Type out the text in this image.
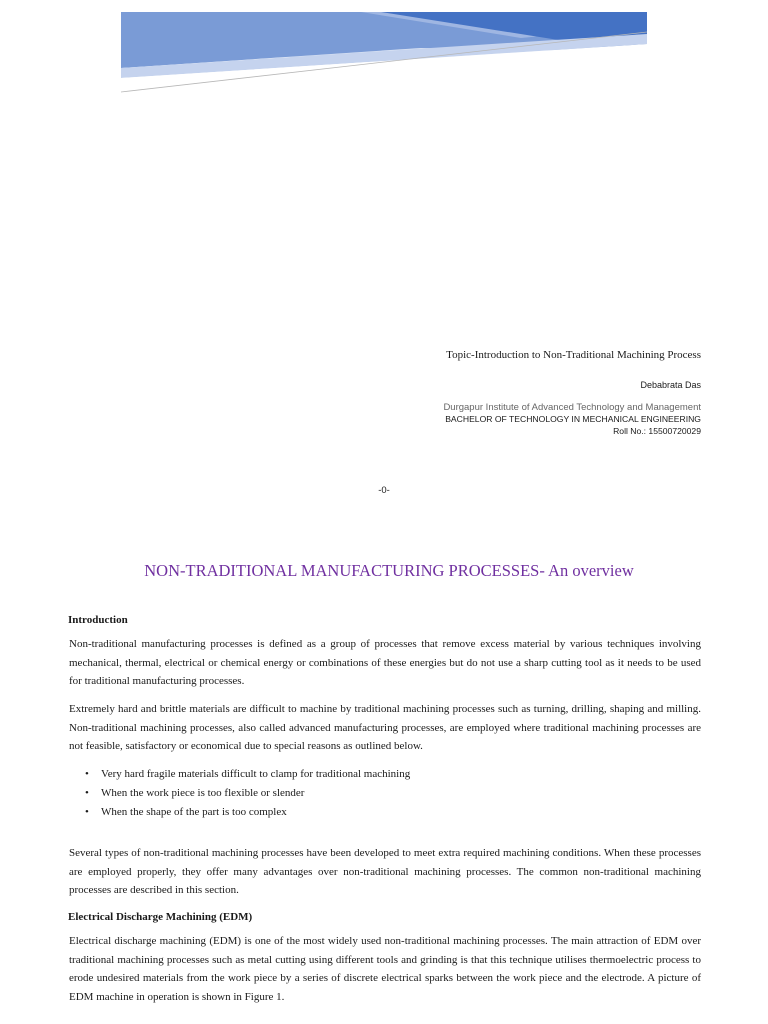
Topic-Introduction to Non-Traditional Machining Process
Debabrata Das
Durgapur Institute of Advanced Technology and Management
BACHELOR OF TECHNOLOGY IN MECHANICAL ENGINEERING
Roll No.: 15500720029
-0-
NON-TRADITIONAL MANUFACTURING PROCESSES- An overview
Introduction

Non-traditional manufacturing processes is defined as a group of processes that remove excess material by various techniques involving mechanical, thermal, electrical or chemical energy or combinations of these energies but do not use a sharp cutting tool as it needs to be used for traditional manufacturing processes.

Extremely hard and brittle materials are difficult to machine by traditional machining processes such as turning, drilling, shaping and milling. Non-traditional machining processes, also called advanced manufacturing processes, are employed where traditional machining processes are not feasible, satisfactory or economical due to special reasons as outlined below.

• Very hard fragile materials difficult to clamp for traditional machining
• When the work piece is too flexible or slender
• When the shape of the part is too complex

Several types of non-traditional machining processes have been developed to meet extra required machining conditions. When these processes are employed properly, they offer many advantages over non-traditional machining processes. The common non-traditional machining processes are described in this section.

Electrical Discharge Machining (EDM)

Electrical discharge machining (EDM) is one of the most widely used non-traditional machining processes. The main attraction of EDM over traditional machining processes such as metal cutting using different tools and grinding is that this technique utilises thermoelectric process to erode undesired materials from the work piece by a series of discrete electrical sparks between the work piece and the electrode. A picture of EDM machine in operation is shown in Figure 1.
